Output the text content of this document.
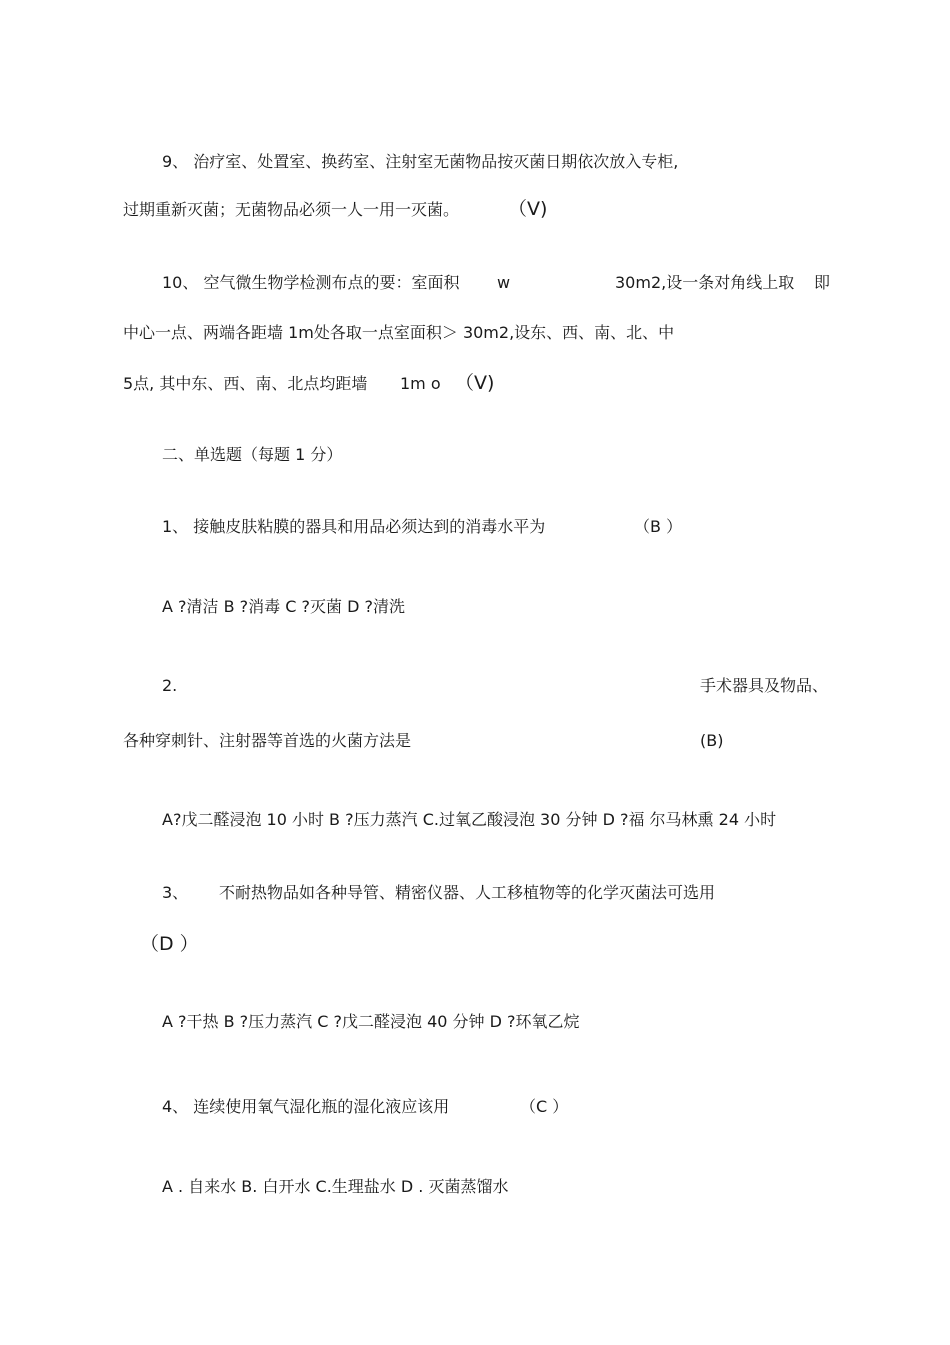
9、 治疗室、处置室、换药室、注射室无菌物品按灭菌日期依次放入专柜,
过期重新灭菌；无菌物品必须一人一用一灭菌。	（V)
10、 空气微生物学检测布点的要：室面积 w	30m2,设一条对角线上取 即
中心一点、两端各距墙 1m处各取一点室面积＞ 30m2,设东、西、南、北、中
5点, 其中东、西、南、北点均距墙 1m o （V)
二、单选题（每题 1 分）
1、 接触皮肤粘膜的器具和用品必须达到的消毒水平为	（B ）
A ?清洁 B ?消毒 C ?灭菌 D ?清洗
2.	手术器具及物品、
各种穿刺针、注射器等首选的火菌方法是	(B)
A?戊二醛浸泡 10 小时 B ?压力蒸汽 C.过氧乙酸浸泡 30 分钟 D ?福 尔马林熏 24 小时
3、 不耐热物品如各种导管、精密仪器、人工移植物等的化学灭菌法可选用
（D ）
A ?干热 B ?压力蒸汽 C ?戊二醛浸泡 40 分钟 D ?环氧乙烷
4、 连续使用氧气湿化瓶的湿化液应该用	（C ）
A . 自来水 B. 白开水 C.生理盐水 D . 灭菌蒸馏水
